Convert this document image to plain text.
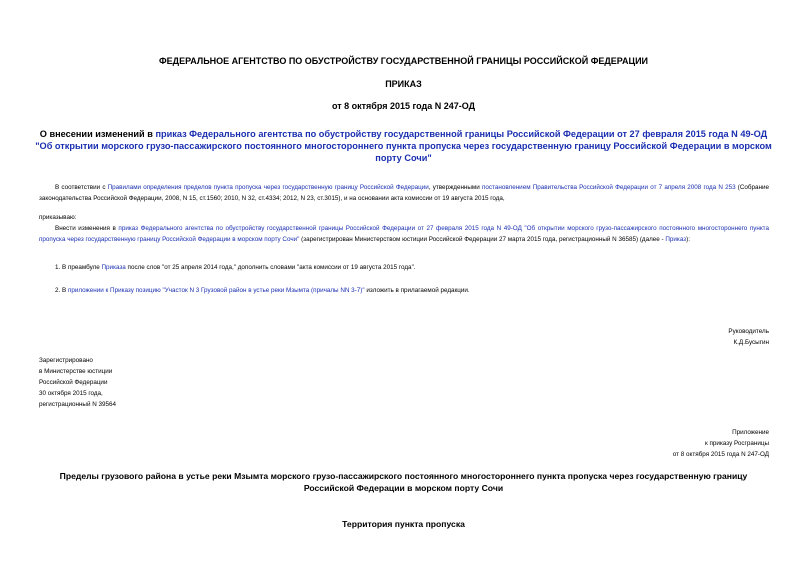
ФЕДЕРАЛЬНОЕ АГЕНТСТВО ПО ОБУСТРОЙСТВУ ГОСУДАРСТВЕННОЙ ГРАНИЦЫ РОССИЙСКОЙ ФЕДЕРАЦИИ
ПРИКАЗ
от 8 октября 2015 года N 247-ОД
О внесении изменений в приказ Федерального агентства по обустройству государственной границы Российской Федерации от 27 февраля 2015 года N 49-ОД "Об открытии морского грузо-пассажирского постоянного многостороннего пункта пропуска через государственную границу Российской Федерации в морском порту Сочи"
В соответствии с Правилами определения пределов пункта пропуска через государственную границу Российской Федерации, утвержденными постановлением Правительства Российской Федерации от 7 апреля 2008 года N 253 (Собрание законодательства Российской Федерации, 2008, N 15, ст.1560; 2010, N 32, ст.4334; 2012, N 23, ст.3015), и на основании акта комиссии от 19 августа 2015 года,
приказываю:
Внести изменения в приказ Федерального агентства по обустройству государственной границы Российской Федерации от 27 февраля 2015 года N 49-ОД "Об открытии морского грузо-пассажирского постоянного многостороннего пункта пропуска через государственную границу Российской Федерации в морском порту Сочи" (зарегистрирован Министерством юстиции Российской Федерации 27 марта 2015 года, регистрационный N 36585) (далее - Приказ):
1. В преамбуле Приказа после слов "от 25 апреля 2014 года," дополнить словами "акта комиссии от 19 августа 2015 года".
2. В приложении к Приказу позицию "Участок N 3 Грузовой район в устье реки Мзымта (причалы NN 3-7)" изложить в прилагаемой редакции.
Руководитель
К.Д.Бусыгин
Зарегистрировано
в Министерстве юстиции
Российской Федерации
30 октября 2015 года,
регистрационный N 39564
Приложение
к приказу Росграницы
от 8 октября 2015 года N 247-ОД
Пределы грузового района в устье реки Мзымта морского грузо-пассажирского постоянного многостороннего пункта пропуска через государственную границу Российской Федерации в морском порту Сочи
Территория пункта пропуска
